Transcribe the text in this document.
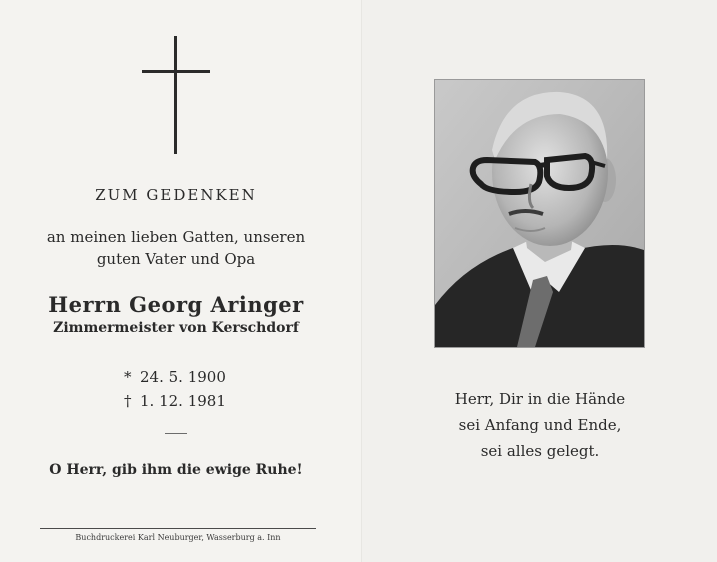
ZUM GEDENKEN
an meinen lieben Gatten, unseren
guten Vater und Opa
Herrn Georg Aringer
Zimmermeister von Kerschdorf
* 24. 5. 1900
† 1. 12. 1981
O Herr, gib ihm die ewige Ruhe!
Buchdruckerei Karl Neuburger, Wasserburg a. Inn
Herr, Dir in die Hände
sei Anfang und Ende,
sei alles gelegt.
